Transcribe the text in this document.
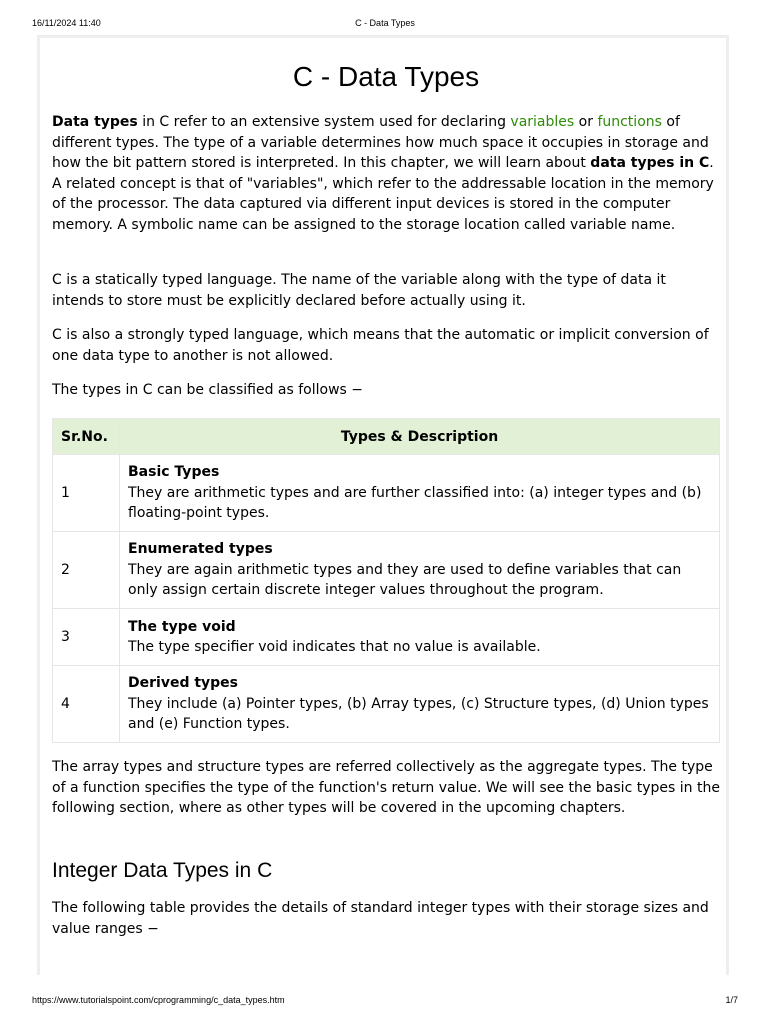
16/11/2024 11:40	C - Data Types
C - Data Types

Data types in C refer to an extensive system used for declaring variables or functions of different types. The type of a variable determines how much space it occupies in storage and how the bit pattern stored is interpreted. In this chapter, we will learn about data types in C. A related concept is that of "variables", which refer to the addressable location in the memory of the processor. The data captured via different input devices is stored in the computer memory. A symbolic name can be assigned to the storage location called variable name.

C is a statically typed language. The name of the variable along with the type of data it intends to store must be explicitly declared before actually using it.

C is also a strongly typed language, which means that the automatic or implicit conversion of one data type to another is not allowed.

The types in C can be classified as follows −

Sr.No.	Types & Description
1	Basic Types
They are arithmetic types and are further classified into: (a) integer types and (b) floating-point types.
2	Enumerated types
They are again arithmetic types and they are used to define variables that can only assign certain discrete integer values throughout the program.
3	The type void
The type specifier void indicates that no value is available.
4	Derived types
They include (a) Pointer types, (b) Array types, (c) Structure types, (d) Union types and (e) Function types.

The array types and structure types are referred collectively as the aggregate types. The type of a function specifies the type of the function's return value. We will see the basic types in the following section, where as other types will be covered in the upcoming chapters.

Integer Data Types in C

The following table provides the details of standard integer types with their storage sizes and value ranges −

https://www.tutorialspoint.com/cprogramming/c_data_types.htm	1/7
